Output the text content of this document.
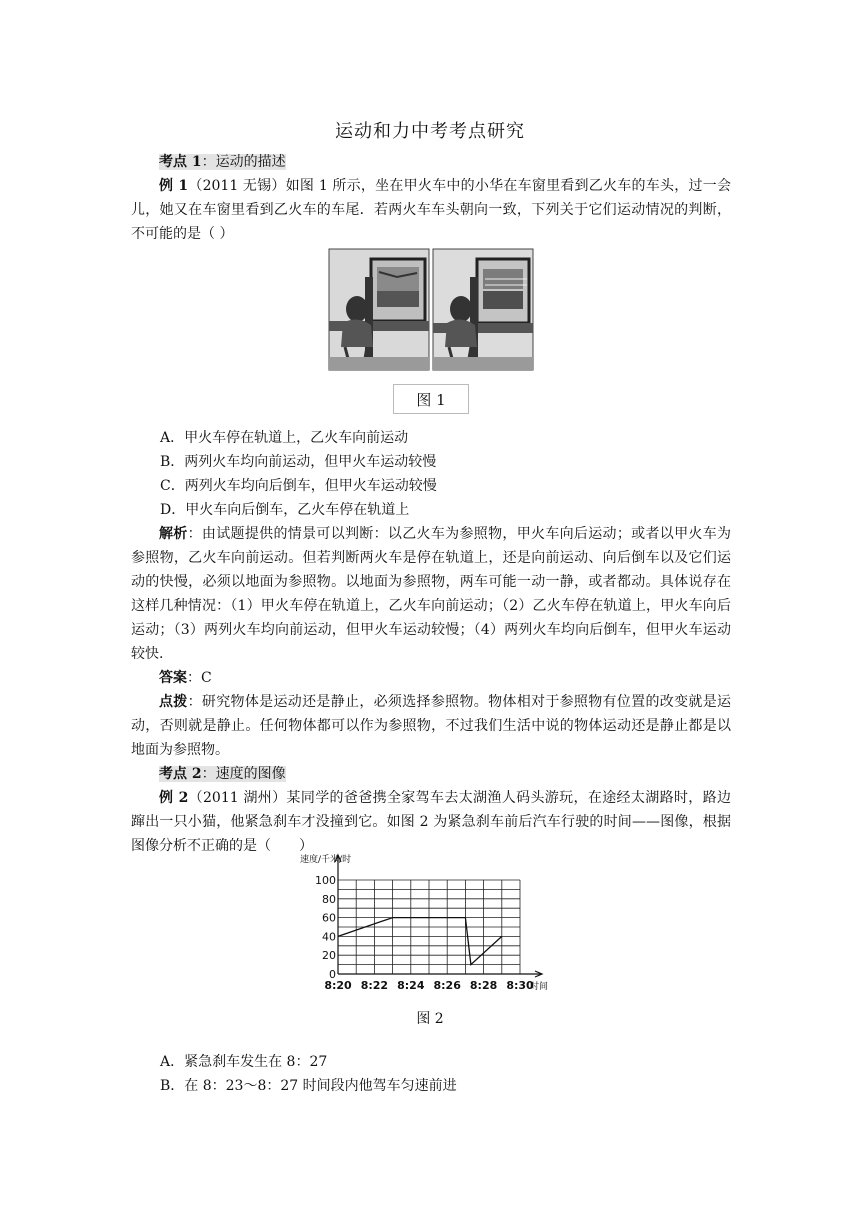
运动和力中考考点研究

考点 1：运动的描述

例 1（2011 无锡）如图 1 所示，坐在甲火车中的小华在车窗里看到乙火车的车头，过一会儿，她又在车窗里看到乙火车的车尾．若两火车车头朝向一致，下列关于它们运动情况的判断，不可能的是（ ）

图 1
A．甲火车停在轨道上，乙火车向前运动
B．两列火车均向前运动，但甲火车运动较慢
C．两列火车均向后倒车，但甲火车运动较慢
D．甲火车向后倒车，乙火车停在轨道上

解析：由试题提供的情景可以判断：以乙火车为参照物，甲火车向后运动；或者以甲火车为参照物，乙火车向前运动。但若判断两火车是停在轨道上，还是向前运动、向后倒车以及它们运动的快慢，必须以地面为参照物。以地面为参照物，两车可能一动一静，或者都动。具体说存在这样几种情况：（1）甲火车停在轨道上，乙火车向前运动；（2）乙火车停在轨道上，甲火车向后运动；（3）两列火车均向前运动，但甲火车运动较慢；（4）两列火车均向后倒车，但甲火车运动较快.

答案：C

点拨：研究物体是运动还是静止，必须选择参照物。物体相对于参照物有位置的改变就是运动，否则就是静止。任何物体都可以作为参照物，不过我们生活中说的物体运动还是静止都是以地面为参照物。

考点 2：速度的图像

例 2（2011 湖州）某同学的爸爸携全家驾车去太湖渔人码头游玩，在途经太湖路时，路边蹿出一只小猫，他紧急刹车才没撞到它。如图 2 为紧急刹车前后汽车行驶的时间——图像，根据图像分析不正确的是（　　）

速度/千米/时
0
20
40
60
80
100
8:20 8:22 8:24 8:26 8:28 8:30
时间
图 2
A．紧急刹车发生在 8：27
B．在 8：23～8：27 时间段内他驾车匀速前进
